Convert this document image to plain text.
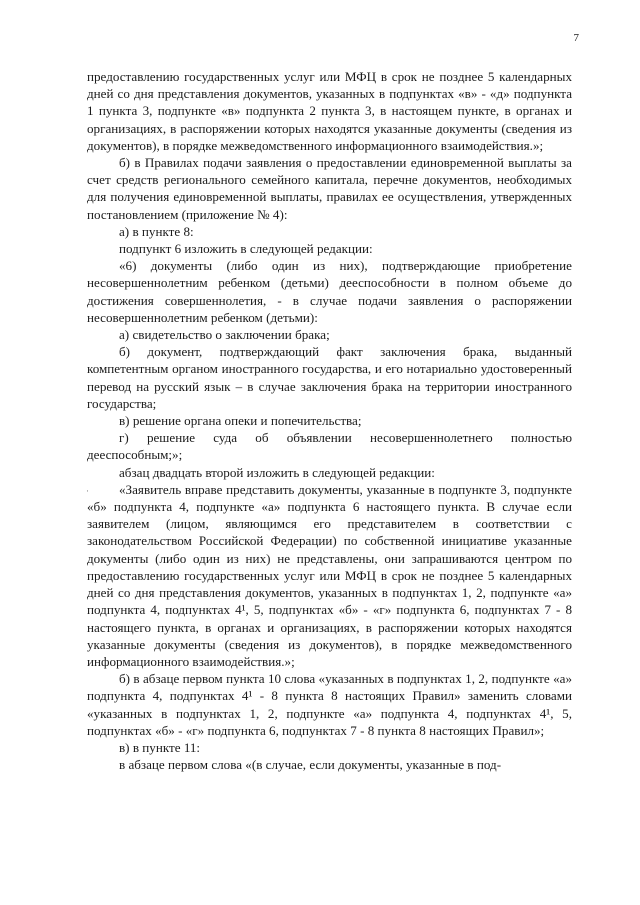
7
·

предоставлению государственных услуг или МФЦ в срок не позднее 5 календарных дней со дня представления документов, указанных в подпунктах «в» - «д» подпункта 1 пункта 3, подпункте «в» подпункта 2 пункта 3, в настоящем пункте, в органах и организациях, в распоряжении которых находятся указанные документы (сведения из документов), в порядке межведомственного информационного взаимодействия.»;

б) в Правилах подачи заявления о предоставлении единовременной выплаты за счет средств регионального семейного капитала, перечне документов, необходимых для получения единовременной выплаты, правилах ее осуществления, утвержденных постановлением (приложение № 4):

а) в пункте 8:

подпункт 6 изложить в следующей редакции:

«6) документы (либо один из них), подтверждающие приобретение несовершеннолетним ребенком (детьми) дееспособности в полном объеме до достижения совершеннолетия, - в случае подачи заявления о распоряжении несовершеннолетним ребенком (детьми):

а) свидетельство о заключении брака;

б) документ, подтверждающий факт заключения брака, выданный компетентным органом иностранного государства, и его нотариально удостоверенный перевод на русский язык – в случае заключения брака на территории иностранного государства;

в) решение органа опеки и попечительства;

г) решение суда об объявлении несовершеннолетнего полностью дееспособным;»;

абзац двадцать второй изложить в следующей редакции:

«Заявитель вправе представить документы, указанные в подпункте 3, подпункте «б» подпункта 4, подпункте «а» подпункта 6 настоящего пункта. В случае если заявителем (лицом, являющимся его представителем в соответствии с законодательством Российской Федерации) по собственной инициативе указанные документы (либо один из них) не представлены, они запрашиваются центром по предоставлению государственных услуг или МФЦ в срок не позднее 5 календарных дней со дня представления документов, указанных в подпунктах 1, 2, подпункте «а» подпункта 4, подпунктах 4¹, 5, подпунктах «б» - «г» подпункта 6, подпунктах 7 - 8 настоящего пункта, в органах и организациях, в распоряжении которых находятся указанные документы (сведения из документов), в порядке межведомственного информационного взаимодействия.»;

б) в абзаце первом пункта 10 слова «указанных в подпунктах 1, 2, подпункте «а» подпункта 4, подпунктах 4¹ - 8 пункта 8 настоящих Правил» заменить словами «указанных в подпунктах 1, 2, подпункте «а» подпункта 4, подпунктах 4¹, 5, подпунктах «б» - «г» подпункта 6, подпунктах 7 - 8 пункта 8 настоящих Правил»;

в) в пункте 11:

в абзаце первом слова «(в случае, если документы, указанные в под-
